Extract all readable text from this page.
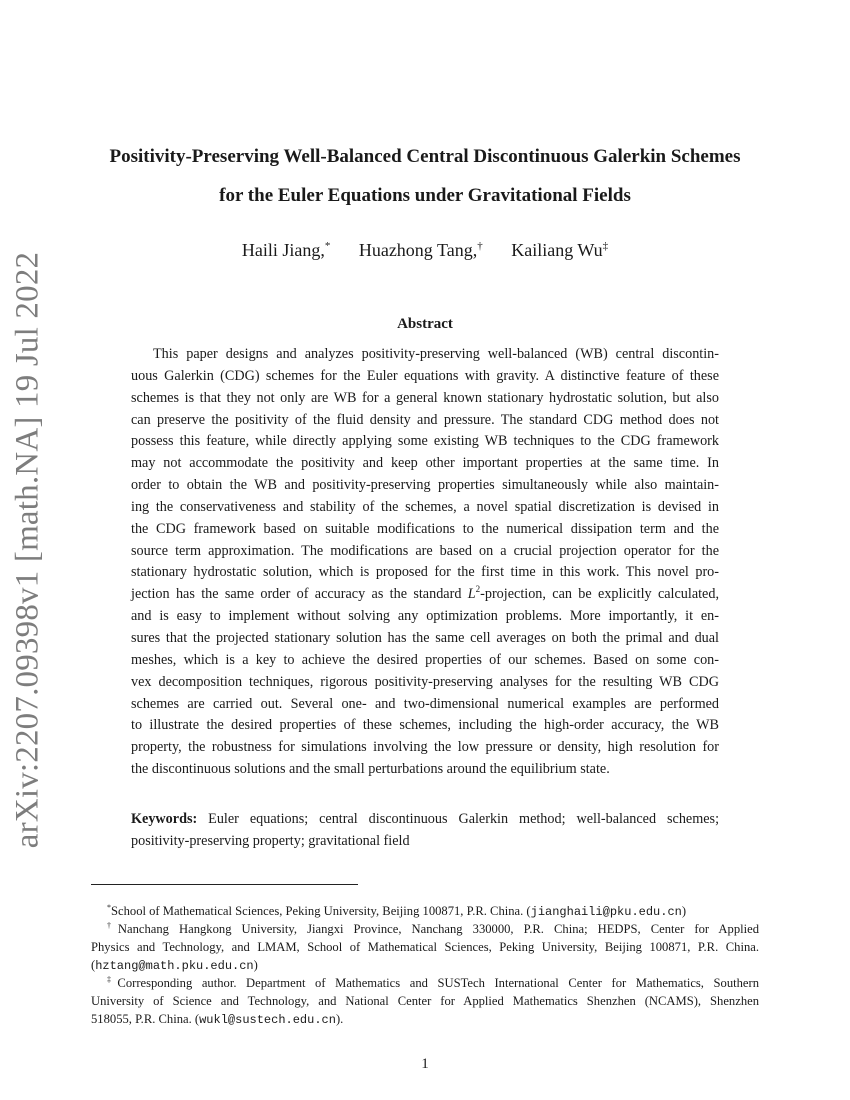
arXiv:2207.09398v1 [math.NA] 19 Jul 2022
Positivity-Preserving Well-Balanced Central Discontinuous Galerkin Schemes
for the Euler Equations under Gravitational Fields
Haili Jiang,* Huazhong Tang,† Kailiang Wu‡
Abstract
This paper designs and analyzes positivity-preserving well-balanced (WB) central discontin-
uous Galerkin (CDG) schemes for the Euler equations with gravity. A distinctive feature of these
schemes is that they not only are WB for a general known stationary hydrostatic solution, but also
can preserve the positivity of the fluid density and pressure. The standard CDG method does not
possess this feature, while directly applying some existing WB techniques to the CDG framework
may not accommodate the positivity and keep other important properties at the same time. In
order to obtain the WB and positivity-preserving properties simultaneously while also maintain-
ing the conservativeness and stability of the schemes, a novel spatial discretization is devised in
the CDG framework based on suitable modifications to the numerical dissipation term and the
source term approximation. The modifications are based on a crucial projection operator for the
stationary hydrostatic solution, which is proposed for the first time in this work. This novel pro-
jection has the same order of accuracy as the standard $L^2$-projection, can be explicitly calculated,
and is easy to implement without solving any optimization problems. More importantly, it en-
sures that the projected stationary solution has the same cell averages on both the primal and dual
meshes, which is a key to achieve the desired properties of our schemes. Based on some con-
vex decomposition techniques, rigorous positivity-preserving analyses for the resulting WB CDG
schemes are carried out. Several one- and two-dimensional numerical examples are performed
to illustrate the desired properties of these schemes, including the high-order accuracy, the WB
property, the robustness for simulations involving the low pressure or density, high resolution for
the discontinuous solutions and the small perturbations around the equilibrium state.
Keywords: Euler equations; central discontinuous Galerkin method; well-balanced schemes;
positivity-preserving property; gravitational field
*School of Mathematical Sciences, Peking University, Beijing 100871, P.R. China. (jianghaili@pku.edu.cn)
†Nanchang Hangkong University, Jiangxi Province, Nanchang 330000, P.R. China; HEDPS, Center for Applied
Physics and Technology, and LMAM, School of Mathematical Sciences, Peking University, Beijing 100871, P.R. China.
(hztang@math.pku.edu.cn)
‡Corresponding author. Department of Mathematics and SUSTech International Center for Mathematics, Southern
University of Science and Technology, and National Center for Applied Mathematics Shenzhen (NCAMS), Shenzhen
518055, P.R. China. (wukl@sustech.edu.cn).
1
